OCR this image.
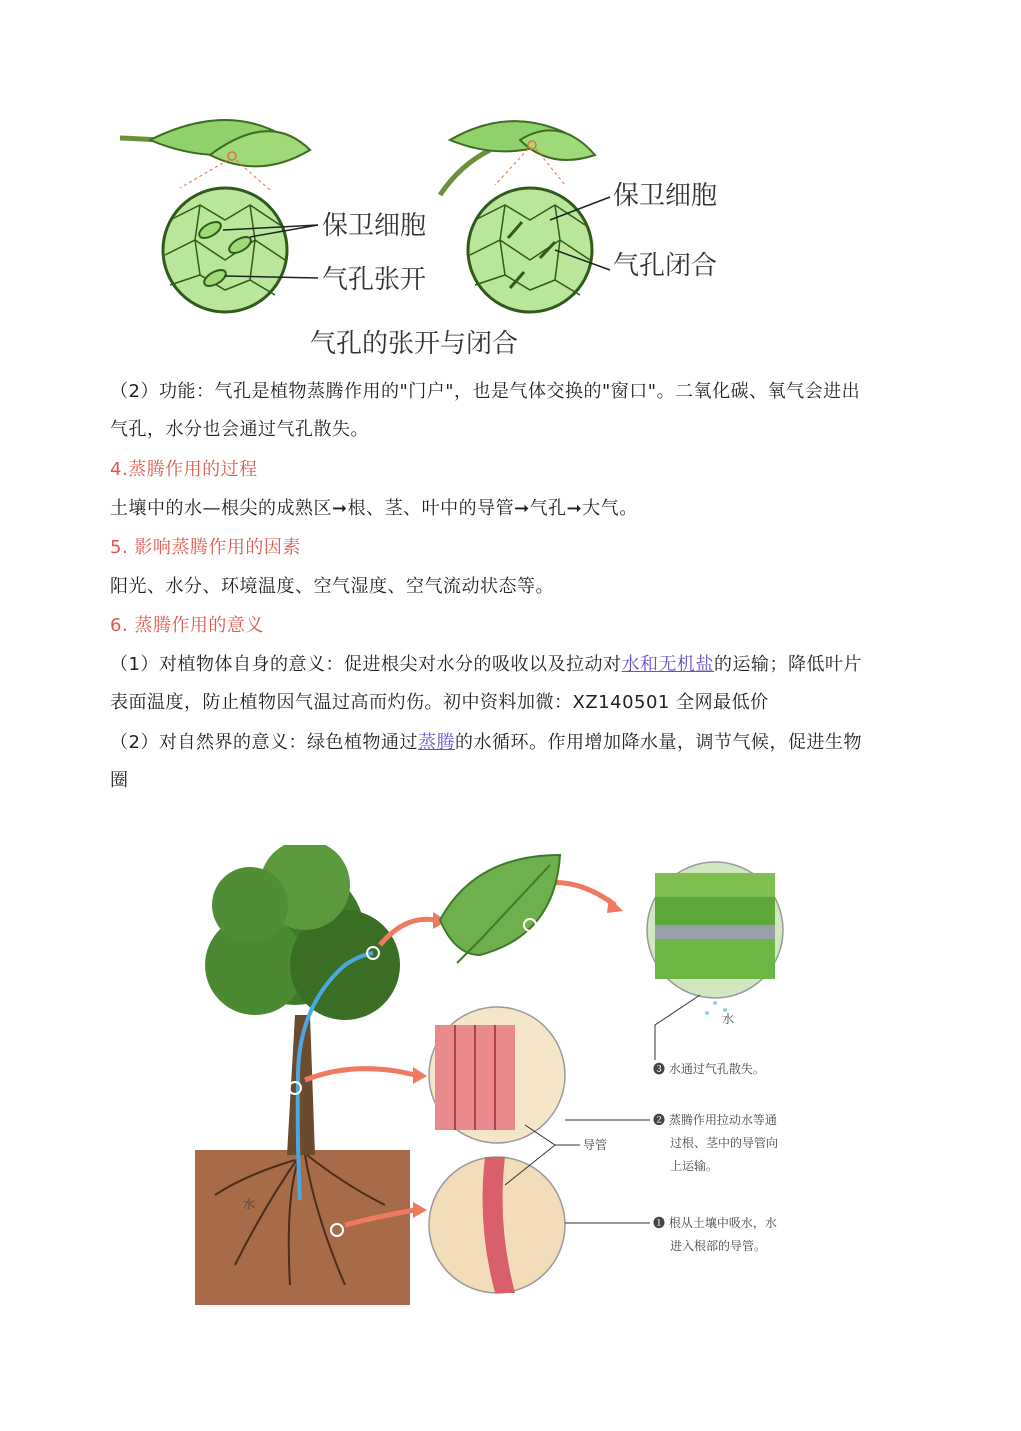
保卫细胞
气孔张开
保卫细胞
气孔闭合
气孔的张开与闭合

（2）功能：气孔是植物蒸腾作用的"门户"，也是气体交换的"窗口"。二氧化碳、氧气会进出
气孔，水分也会通过气孔散失。

4.蒸腾作用的过程

土壤中的水—根尖的成熟区➞根、茎、叶中的导管➞气孔➞大气。

5. 影响蒸腾作用的因素

阳光、水分、环境温度、空气湿度、空气流动状态等。

6. 蒸腾作用的意义

（1）对植物体自身的意义：促进根尖对水分的吸收以及拉动对水和无机盐的运输；降低叶片
表面温度，防止植物因气温过高而灼伤。初中资料加微：XZ140501 全网最低价

（2）对自然界的意义：绿色植物通过蒸腾的水循环。作用增加降水量，调节气候，促进生物
圈

水
水
导管
❸ 水通过气孔散失。
❷ 蒸腾作用拉动水等通
过根、茎中的导管向
上运输。
❶ 根从土壤中吸水，水
进入根部的导管。
